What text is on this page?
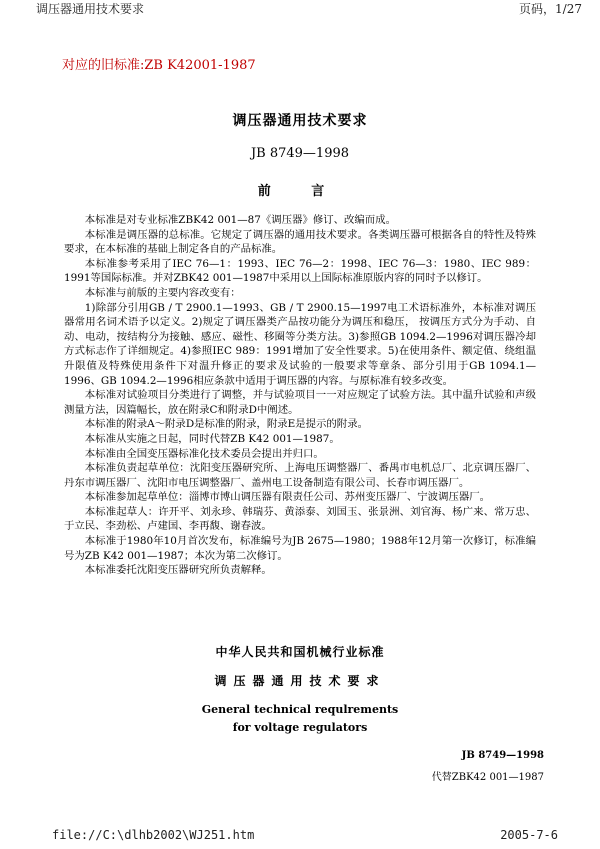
调压器通用技术要求	页码，1/27
对应的旧标准:ZB K42001-1987
调压器通用技术要求
JB 8749—1998
前 言

本标准是对专业标准ZBK42 001—87《调压器》修订、改编而成。

本标准是调压器的总标准。它规定了调压器的通用技术要求。各类调压器可根据各自的特性及特殊要求，在本标准的基础上制定各自的产品标准。

本标准参考采用了IEC 76—1：1993、IEC 76—2：1998、IEC 76—3：1980、IEC 989：1991等国际标准。并对ZBK42 001—1987中采用以上国际标准原版内容的同时予以修订。

本标准与前版的主要内容改变有：

1)除部分引用GB / T 2900.1—1993、GB / T 2900.15—1997电工术语标准外，本标准对调压器常用名词术语予以定义。2)规定了调压器类产品按功能分为调压和稳压， 按调压方式分为手动、自动、电动，按结构分为接触、感应、磁性、移圈等分类方法。3)参照GB 1094.2—1996对调压器冷却方式标志作了详细规定。4)参照IEC 989：1991增加了安全性要求。5)在使用条件、额定值、绕组温升限值及特殊使用条件下对温升修正的要求及试验的一般要求等章条、部分引用于GB 1094.1—1996、GB 1094.2—1996相应条款中适用于调压器的内容。与原标准有较多改变。

本标准对试验项目分类进行了调整，并与试验项目一一对应规定了试验方法。其中温升试验和声级测量方法，因篇幅长，放在附录C和附录D中阐述。

本标准的附录A～附录D是标准的附录，附录E是提示的附录。

本标准从实施之日起，同时代替ZB K42 001—1987。

本标准由全国变压器标准化技术委员会提出并归口。

本标准负责起草单位：沈阳变压器研究所、上海电压调整器厂、番禺市电机总厂、北京调压器厂、丹东市调压器厂、沈阳市电压调整器厂、盖州电工设备制造有限公司、长春市调压器厂。

本标准参加起草单位：淄博市博山调压器有限责任公司、苏州变压器厂、宁波调压器厂。

本标准起草人：许开平、刘永珍、韩瑞芬、黄添泰、刘国玉、张景洲、刘官海、杨广来、常万忠、于立民、李劲松、卢建国、李再馥、谢春波。

本标准于1980年10月首次发布，标准编号为JB 2675—1980；1988年12月第一次修订，标准编号为ZB K42 001—1987；本次为第二次修订。

本标准委托沈阳变压器研究所负责解释。

中华人民共和国机械行业标准
调压器通用技术要求
General technical requlrements
for voltage regulators
JB 8749—1998
代替ZBK42 001—1987
file://C:\dlhb2002\WJ251.htm	2005-7-6
